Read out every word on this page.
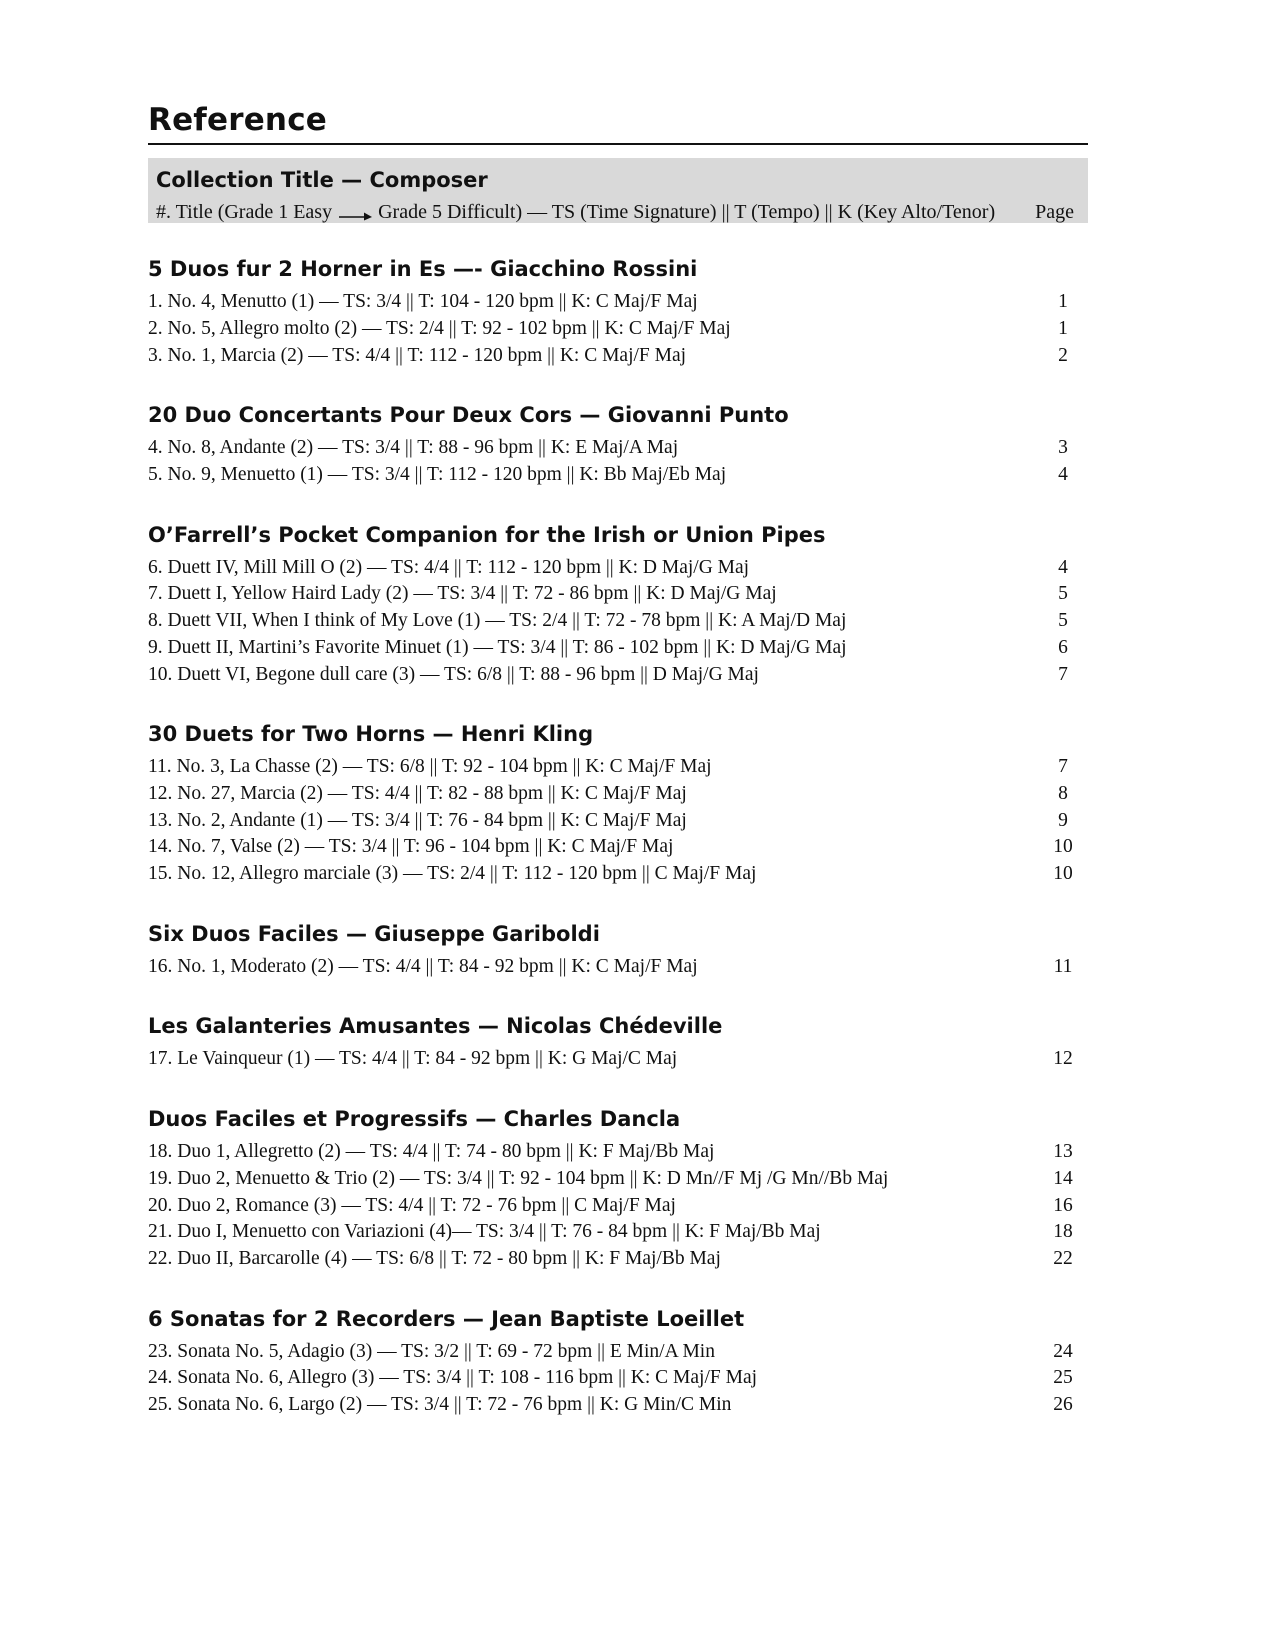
Reference
Collection Title — Composer
#. Title (Grade 1 Easy Grade 5 Difficult) — TS (Time Signature) || T (Tempo) || K (Key Alto/Tenor) Page
5 Duos fur 2 Horner in Es —- Giacchino Rossini
1. No. 4, Menutto (1) — TS: 3/4 || T: 104 - 120 bpm || K: C Maj/F Maj	1
2. No. 5, Allegro molto (2) — TS: 2/4 || T: 92 - 102 bpm || K: C Maj/F Maj	1
3. No. 1, Marcia (2) — TS: 4/4 || T: 112 - 120 bpm || K: C Maj/F Maj	2
20 Duo Concertants Pour Deux Cors — Giovanni Punto
4. No. 8, Andante (2) — TS: 3/4 || T: 88 - 96 bpm || K: E Maj/A Maj	3
5. No. 9, Menuetto (1) — TS: 3/4 || T: 112 - 120 bpm || K: Bb Maj/Eb Maj	4
O’Farrell’s Pocket Companion for the Irish or Union Pipes
6. Duett IV, Mill Mill O (2) — TS: 4/4 || T: 112 - 120 bpm || K: D Maj/G Maj	4
7. Duett I, Yellow Haird Lady (2) — TS: 3/4 || T: 72 - 86 bpm || K: D Maj/G Maj	5
8. Duett VII, When I think of My Love (1) — TS: 2/4 || T: 72 - 78 bpm || K: A Maj/D Maj	5
9. Duett II, Martini’s Favorite Minuet (1) — TS: 3/4 || T: 86 - 102 bpm || K: D Maj/G Maj	6
10. Duett VI, Begone dull care (3) — TS: 6/8 || T: 88 - 96 bpm || D Maj/G Maj	7
30 Duets for Two Horns — Henri Kling
11. No. 3, La Chasse (2) — TS: 6/8 || T: 92 - 104 bpm || K: C Maj/F Maj	7
12. No. 27, Marcia (2) — TS: 4/4 || T: 82 - 88 bpm || K: C Maj/F Maj	8
13. No. 2, Andante (1) — TS: 3/4 || T: 76 - 84 bpm || K: C Maj/F Maj	9
14. No. 7, Valse (2) — TS: 3/4 || T: 96 - 104 bpm || K: C Maj/F Maj	10
15. No. 12, Allegro marciale (3) — TS: 2/4 || T: 112 - 120 bpm || C Maj/F Maj	10
Six Duos Faciles — Giuseppe Gariboldi
16. No. 1, Moderato (2) — TS: 4/4 || T: 84 - 92 bpm || K: C Maj/F Maj	11
Les Galanteries Amusantes — Nicolas Chédeville
17. Le Vainqueur (1) — TS: 4/4 || T: 84 - 92 bpm || K: G Maj/C Maj	12
Duos Faciles et Progressifs — Charles Dancla
18. Duo 1, Allegretto (2) — TS: 4/4 || T: 74 - 80 bpm || K: F Maj/Bb Maj	13
19. Duo 2, Menuetto & Trio (2) — TS: 3/4 || T: 92 - 104 bpm || K: D Mn//F Mj /G Mn//Bb Maj	14
20. Duo 2, Romance (3) — TS: 4/4 || T: 72 - 76 bpm || C Maj/F Maj	16
21. Duo I, Menuetto con Variazioni (4)— TS: 3/4 || T: 76 - 84 bpm || K: F Maj/Bb Maj	18
22. Duo II, Barcarolle (4) — TS: 6/8 || T: 72 - 80 bpm || K: F Maj/Bb Maj	22
6 Sonatas for 2 Recorders — Jean Baptiste Loeillet
23. Sonata No. 5, Adagio (3) — TS: 3/2 || T: 69 - 72 bpm || E Min/A Min	24
24. Sonata No. 6, Allegro (3) — TS: 3/4 || T: 108 - 116 bpm || K: C Maj/F Maj	25
25. Sonata No. 6, Largo (2) — TS: 3/4 || T: 72 - 76 bpm || K: G Min/C Min	26
